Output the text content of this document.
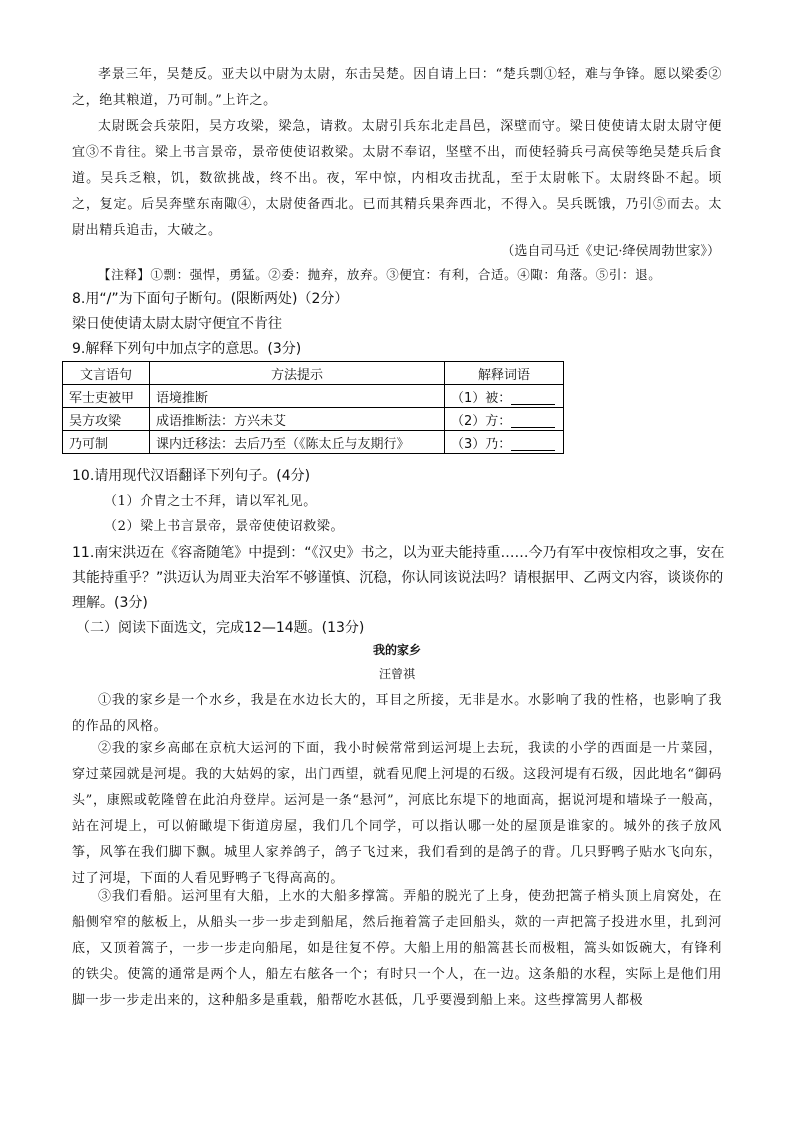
孝景三年，吴楚反。亚夫以中尉为太尉，东击吴楚。因自请上曰：“楚兵剽①轻，难与争锋。愿以梁委②之，绝其粮道，乃可制。”上许之。

太尉既会兵荥阳，吴方攻梁，梁急，请救。太尉引兵东北走昌邑，深壁而守。梁日使使请太尉太尉守便宜③不肯往。梁上书言景帝，景帝使使诏救梁。太尉不奉诏，坚壁不出，而使轻骑兵弓高侯等绝吴楚兵后食道。吴兵乏粮，饥，数欲挑战，终不出。夜，军中惊，内相攻击扰乱，至于太尉帐下。太尉终卧不起。顷之，复定。后吴奔壁东南陬④，太尉使备西北。已而其精兵果奔西北，不得入。吴兵既饿，乃引⑤而去。太尉出精兵追击，大破之。

（选自司马迁《史记·绛侯周勃世家》）

【注释】①剽：强悍，勇猛。②委：抛弃，放弃。③便宜：有利，合适。④陬：角落。⑤引：退。

8.用“/”为下面句子断句。(限断两处)（2分）

梁日使使请太尉太尉守便宜不肯往

9.解释下列句中加点字的意思。(3分)

文言语句	方法提示	解释词语
军士吏被甲	语境推断	（1）被：
吴方攻梁	成语推断法：方兴未艾	（2）方：
乃可制	课内迁移法：去后乃至（《陈太丘与友期行》	（3）乃：

10.请用现代汉语翻译下列句子。(4分)

（1）介胄之士不拜，请以军礼见。

（2）梁上书言景帝，景帝使使诏救梁。

11.南宋洪迈在《容斋随笔》中提到：“《汉史》书之，以为亚夫能持重……今乃有军中夜惊相攻之事，安在其能持重乎？”洪迈认为周亚夫治军不够谨慎、沉稳，你认同该说法吗？请根据甲、乙两文内容，谈谈你的理解。(3分)

（二）阅读下面选文，完成12—14题。(13分)

我的家乡

汪曾祺

①我的家乡是一个水乡，我是在水边长大的，耳目之所接，无非是水。水影响了我的性格，也影响了我的作品的风格。

②我的家乡高邮在京杭大运河的下面，我小时候常常到运河堤上去玩，我读的小学的西面是一片菜园，穿过菜园就是河堤。我的大姑妈的家，出门西望，就看见爬上河堤的石级。这段河堤有石级，因此地名“御码头”，康熙或乾隆曾在此泊舟登岸。运河是一条“悬河”，河底比东堤下的地面高，据说河堤和墙垛子一般高，站在河堤上，可以俯瞰堤下街道房屋，我们几个同学，可以指认哪一处的屋顶是谁家的。城外的孩子放风筝，风筝在我们脚下飘。城里人家养鸽子，鸽子飞过来，我们看到的是鸽子的背。几只野鸭子贴水飞向东，过了河堤，下面的人看见野鸭子飞得高高的。

③我们看船。运河里有大船，上水的大船多撑篙。弄船的脱光了上身，使劲把篙子梢头顶上肩窝处，在船侧窄窄的舷板上，从船头一步一步走到船尾，然后拖着篙子走回船头，欻的一声把篙子投进水里，扎到河底，又顶着篙子，一步一步走向船尾，如是往复不停。大船上用的船篙甚长而极粗，篙头如饭碗大，有锋利的铁尖。使篙的通常是两个人，船左右舷各一个；有时只一个人，在一边。这条船的水程，实际上是他们用脚一步一步走出来的，这种船多是重载，船帮吃水甚低，几乎要漫到船上来。这些撑篙男人都极
